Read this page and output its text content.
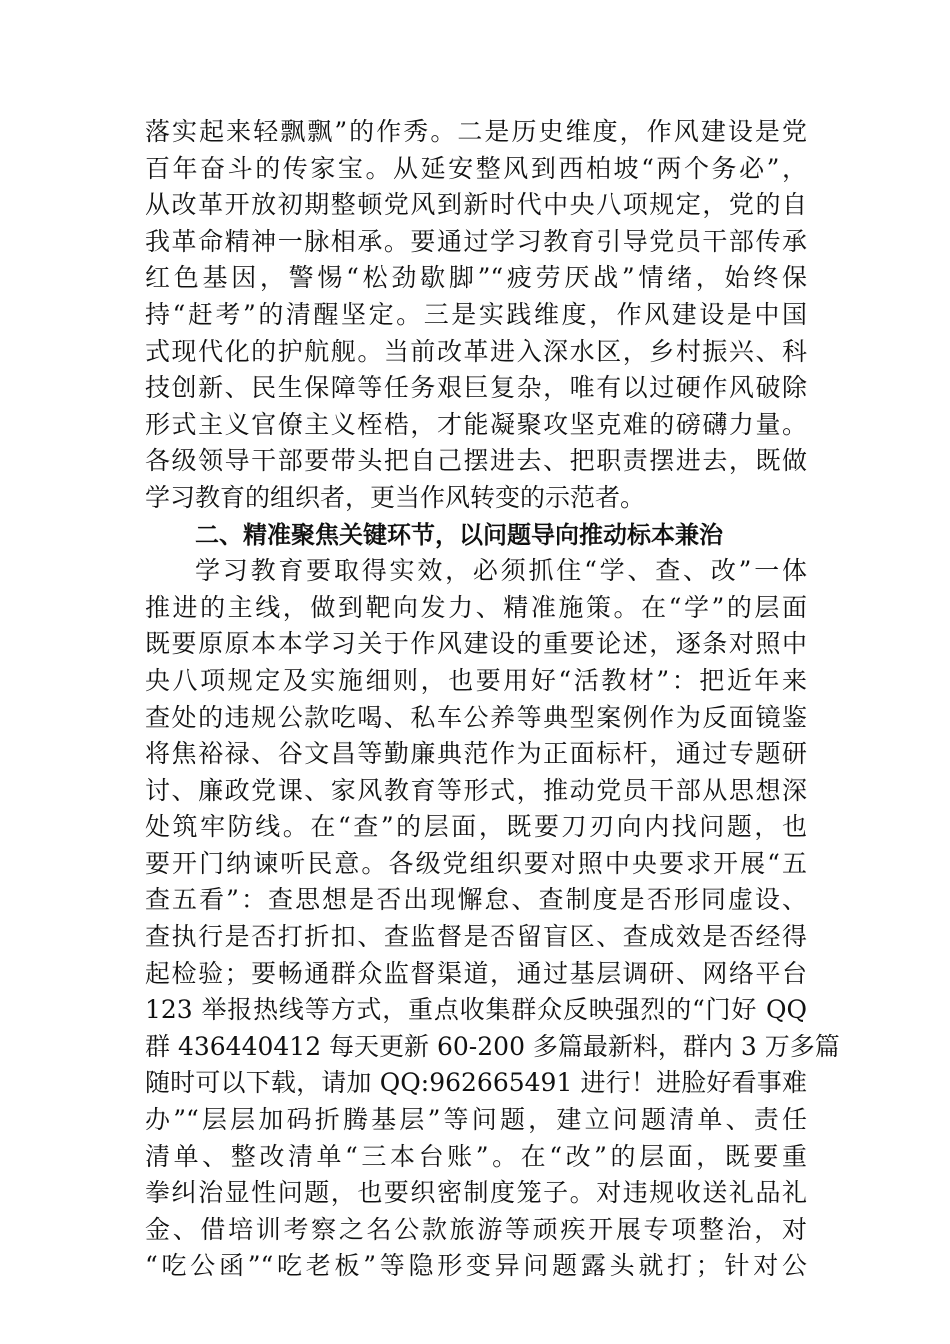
落实起来轻飘飘”的作秀。二是历史维度，作风建设是党
百年奋斗的传家宝。从延安整风到西柏坡“两个务必”，
从改革开放初期整顿党风到新时代中央八项规定，党的自
我革命精神一脉相承。要通过学习教育引导党员干部传承
红色基因，警惕“松劲歇脚”“疲劳厌战”情绪，始终保
持“赶考”的清醒坚定。三是实践维度，作风建设是中国
式现代化的护航舰。当前改革进入深水区，乡村振兴、科
技创新、民生保障等任务艰巨复杂，唯有以过硬作风破除
形式主义官僚主义桎梏，才能凝聚攻坚克难的磅礴力量。
各级领导干部要带头把自己摆进去、把职责摆进去，既做
学习教育的组织者，更当作风转变的示范者。
二、精准聚焦关键环节，以问题导向推动标本兼治
学习教育要取得实效，必须抓住“学、查、改”一体
推进的主线，做到靶向发力、精准施策。在“学”的层面
既要原原本本学习关于作风建设的重要论述，逐条对照中
央八项规定及实施细则，也要用好“活教材”：把近年来
查处的违规公款吃喝、私车公养等典型案例作为反面镜鉴
将焦裕禄、谷文昌等勤廉典范作为正面标杆，通过专题研
讨、廉政党课、家风教育等形式，推动党员干部从思想深
处筑牢防线。在“查”的层面，既要刀刃向内找问题，也
要开门纳谏听民意。各级党组织要对照中央要求开展“五
查五看”：查思想是否出现懈怠、查制度是否形同虚设、
查执行是否打折扣、查监督是否留盲区、查成效是否经得
起检验；要畅通群众监督渠道，通过基层调研、网络平台
123 举报热线等方式，重点收集群众反映强烈的“门好 QQ
群 436440412 每天更新 60-200 多篇最新料，群内 3 万多篇
随时可以下载，请加 QQ:962665491 进行！进脸好看事难
办”“层层加码折腾基层”等问题，建立问题清单、责任
清单、整改清单“三本台账”。在“改”的层面，既要重
拳纠治显性问题，也要织密制度笼子。对违规收送礼品礼
金、借培训考察之名公款旅游等顽疾开展专项整治，对
“吃公函”“吃老板”等隐形变异问题露头就打；针对公
